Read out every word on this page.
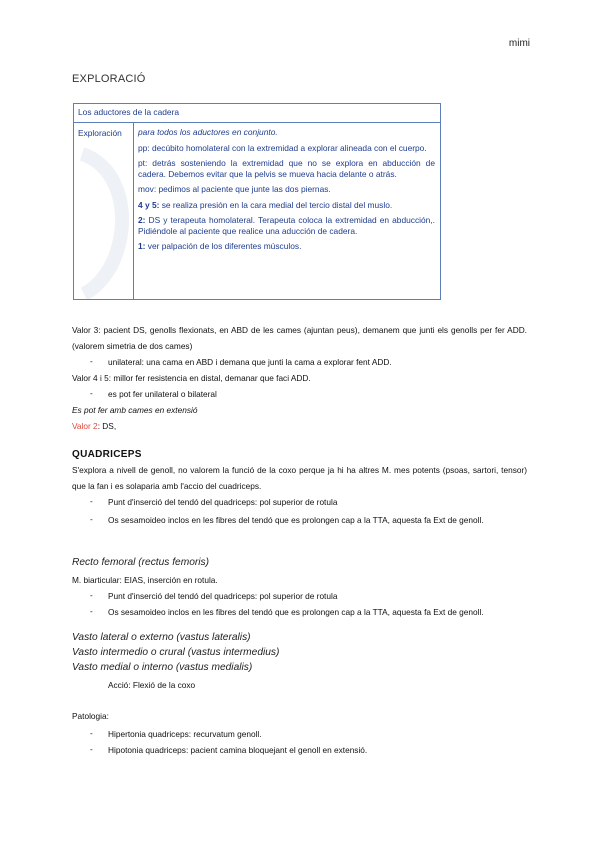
mimi
EXPLORACIÓ
Los aductores de la cadera
Exploración para todos los aductores en conjunto.
pp: decúbito homolateral con la extremidad a explorar alineada con el cuerpo.
pt: detrás sosteniendo la extremidad que no se explora en abducción de cadera. Debemos evitar que la pelvis se mueva hacia delante o atrás.
mov: pedimos al paciente que junte las dos piernas.
4 y 5: se realiza presión en la cara medial del tercio distal del muslo.
2: DS y terapeuta homolateral. Terapeuta coloca la extremidad en abducción,. Pidiéndole al paciente que realice una aducción de cadera.
1: ver palpación de los diferentes músculos.
Valor 3: pacient DS, genolls flexionats, en ABD de les cames (ajuntan peus), demanem que junti els genolls per fer ADD. (valorem simetria de dos cames)
- unilateral: una cama en ABD i demana que junti la cama a explorar fent ADD.
Valor 4 i 5: millor fer resistencia en distal, demanar que faci ADD.
- es pot fer unilateral o bilateral
Es pot fer amb cames en extensió
Valor 2: DS,
QUADRICEPS
S'explora a nivell de genoll, no valorem la funció de la coxo perque ja hi ha altres M. mes potents (psoas, sartori, tensor) que la fan i es solaparia amb l'accio del cuadriceps.
- Punt d'inserció del tendó del quadriceps: pol superior de rotula
- Os sesamoideo inclos en les fibres del tendó que es prolongen cap a la TTA, aquesta fa Ext de genoll.
Recto femoral (rectus femoris)
M. biarticular: EIAS, inserción en rotula.
- Punt d'inserció del tendó del quadriceps: pol superior de rotula
- Os sesamoideo inclos en les fibres del tendó que es prolongen cap a la TTA, aquesta fa Ext de genoll.
Vasto lateral o externo (vastus lateralis)
Vasto intermedio o crural (vastus intermedius)
Vasto medial o interno (vastus medialis)
Acció: Flexió de la coxo
Patologia:
- Hipertonia quadriceps: recurvatum genoll.
- Hipotonia quadriceps: pacient camina bloquejant el genoll en extensió.
